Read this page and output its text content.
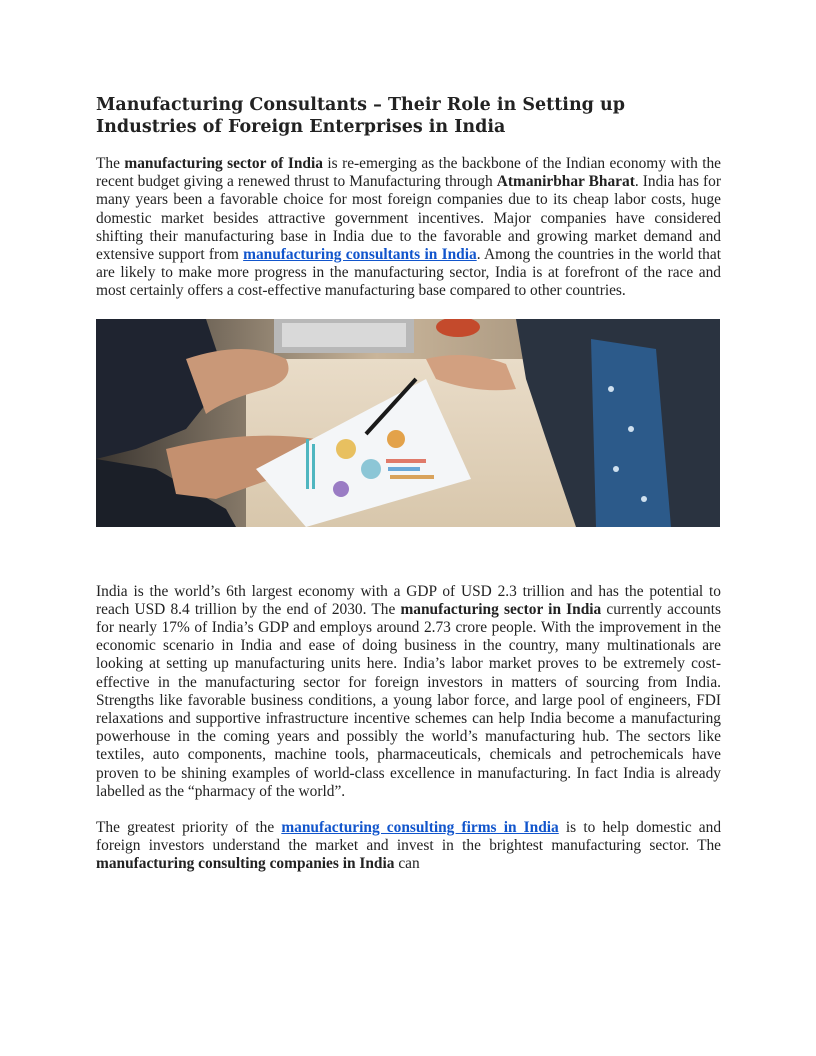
Manufacturing Consultants – Their Role in Setting up Industries of Foreign Enterprises in India

The manufacturing sector of India is re-emerging as the backbone of the Indian economy with the recent budget giving a renewed thrust to Manufacturing through Atmanirbhar Bharat. India has for many years been a favorable choice for most foreign companies due to its cheap labor costs, huge domestic market besides attractive government incentives. Major companies have considered shifting their manufacturing base in India due to the favorable and growing market demand and extensive support from manufacturing consultants in India. Among the countries in the world that are likely to make more progress in the manufacturing sector, India is at forefront of the race and most certainly offers a cost-effective manufacturing base compared to other countries.

India is the world’s 6th largest economy with a GDP of USD 2.3 trillion and has the potential to reach USD 8.4 trillion by the end of 2030. The manufacturing sector in India currently accounts for nearly 17% of India’s GDP and employs around 2.73 crore people. With the improvement in the economic scenario in India and ease of doing business in the country, many multinationals are looking at setting up manufacturing units here. India’s labor market proves to be extremely cost-effective in the manufacturing sector for foreign investors in matters of sourcing from India. Strengths like favorable business conditions, a young labor force, and large pool of engineers, FDI relaxations and supportive infrastructure incentive schemes can help India become a manufacturing powerhouse in the coming years and possibly the world’s manufacturing hub. The sectors like textiles, auto components, machine tools, pharmaceuticals, chemicals and petrochemicals have proven to be shining examples of world-class excellence in manufacturing. In fact India is already labelled as the “pharmacy of the world”.

The greatest priority of the manufacturing consulting firms in India is to help domestic and foreign investors understand the market and invest in the brightest manufacturing sector. The manufacturing consulting companies in India can
